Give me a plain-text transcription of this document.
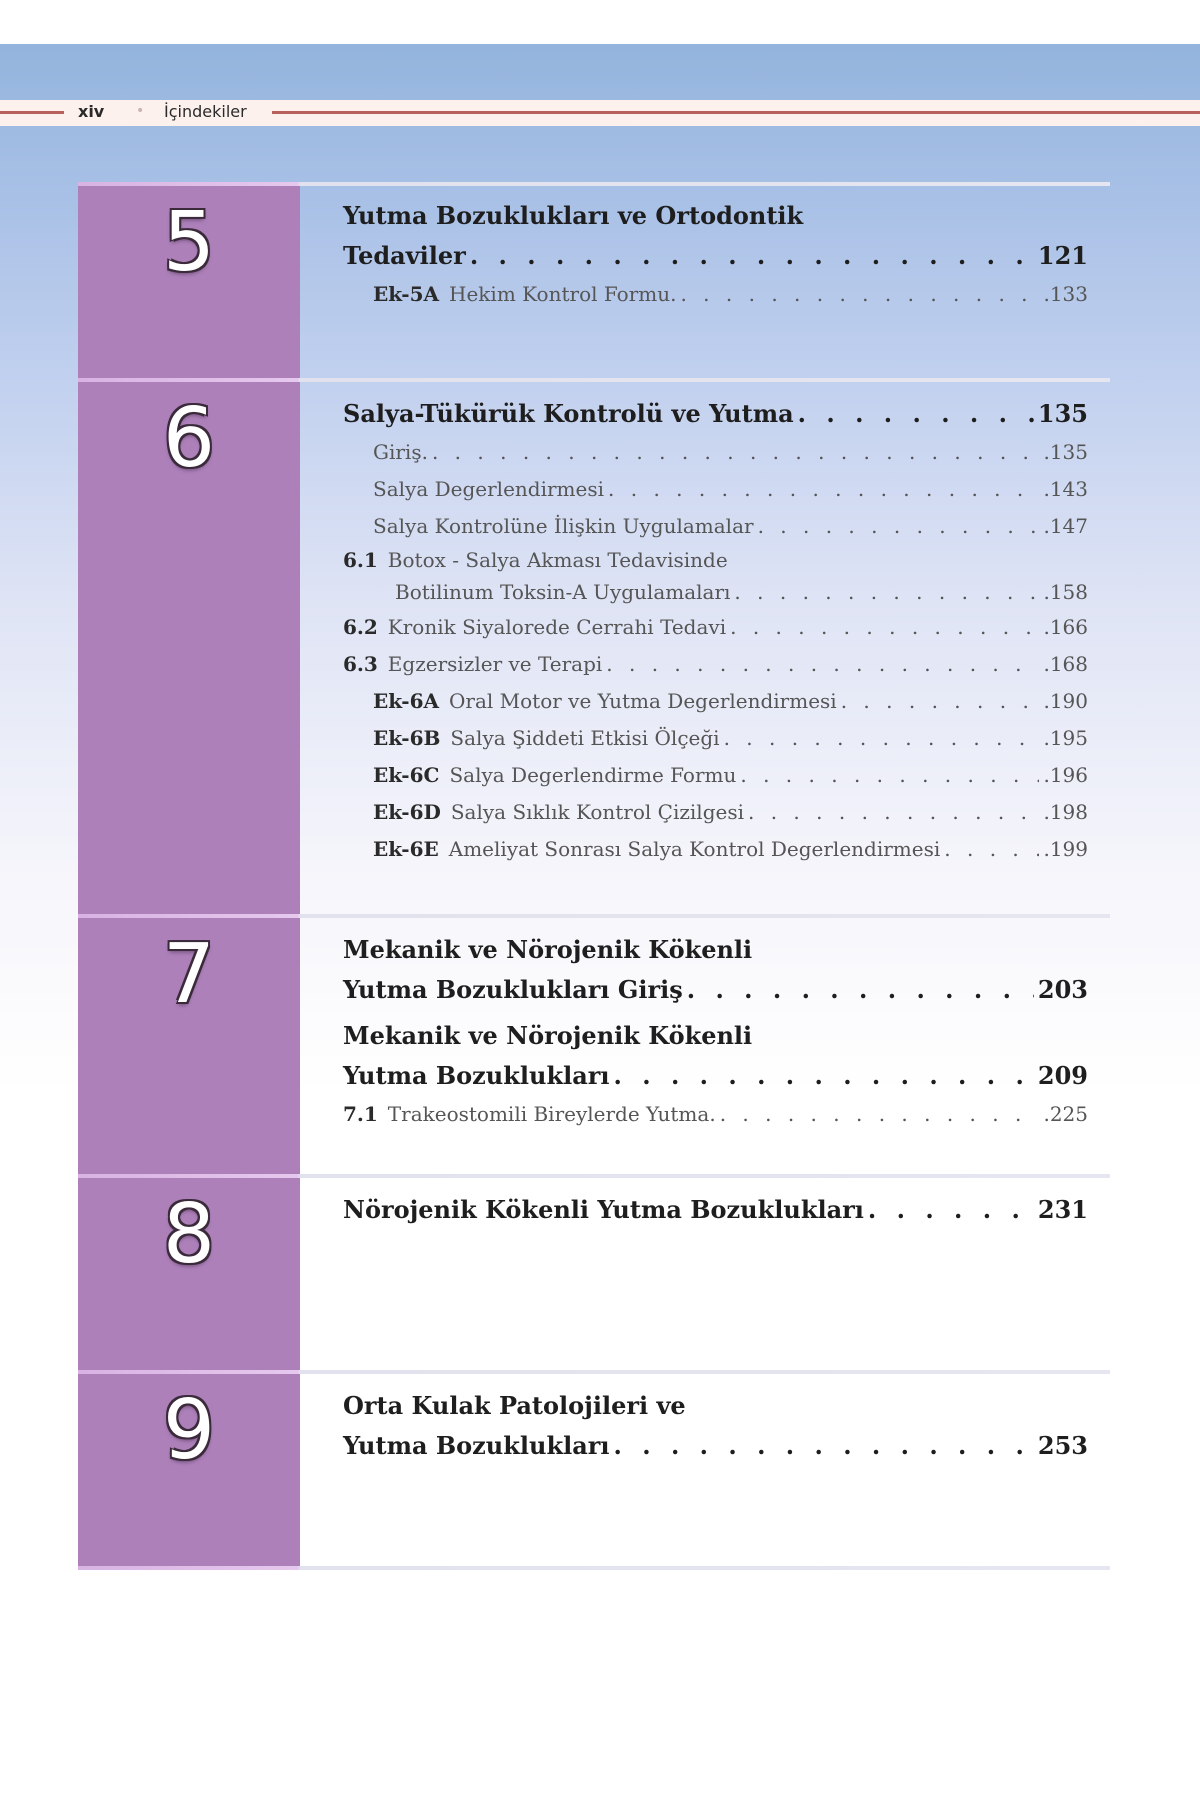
xiv • İçindekiler
5	Yutma Bozuklukları ve Ortodontik
Tedaviler . . .	121
Ek-5A Hekim Kontrol Formu. . . .	.133
6	Salya-Tükürük Kontrolü ve Yutma . . .	135
Giriş. . . .	.135
Salya Degerlendirmesi . . .	.143
Salya Kontrolüne İlişkin Uygulamalar . . .	.147
6.1 Botox - Salya Akması Tedavisinde
Botilinum Toksin-A Uygulamaları . . .	.158
6.2 Kronik Siyalorede Cerrahi Tedavi . . .	.166
6.3 Egzersizler ve Terapi . . .	.168
Ek-6A Oral Motor ve Yutma Degerlendirmesi . . .	.190
Ek-6B Salya Şiddeti Etkisi Ölçeği . . .	.195
Ek-6C Salya Degerlendirme Formu . . .	.196
Ek-6D Salya Sıklık Kontrol Çizilgesi . . .	.198
Ek-6E Ameliyat Sonrası Salya Kontrol Degerlendirmesi . . .	.199
7	Mekanik ve Nörojenik Kökenli
Yutma Bozuklukları Giriş . . .	203
Mekanik ve Nörojenik Kökenli
Yutma Bozuklukları . . .	209
7.1 Trakeostomili Bireylerde Yutma. . . .	.225
8	Nörojenik Kökenli Yutma Bozuklukları . . .	231
9	Orta Kulak Patolojileri ve
Yutma Bozuklukları . . .	253
